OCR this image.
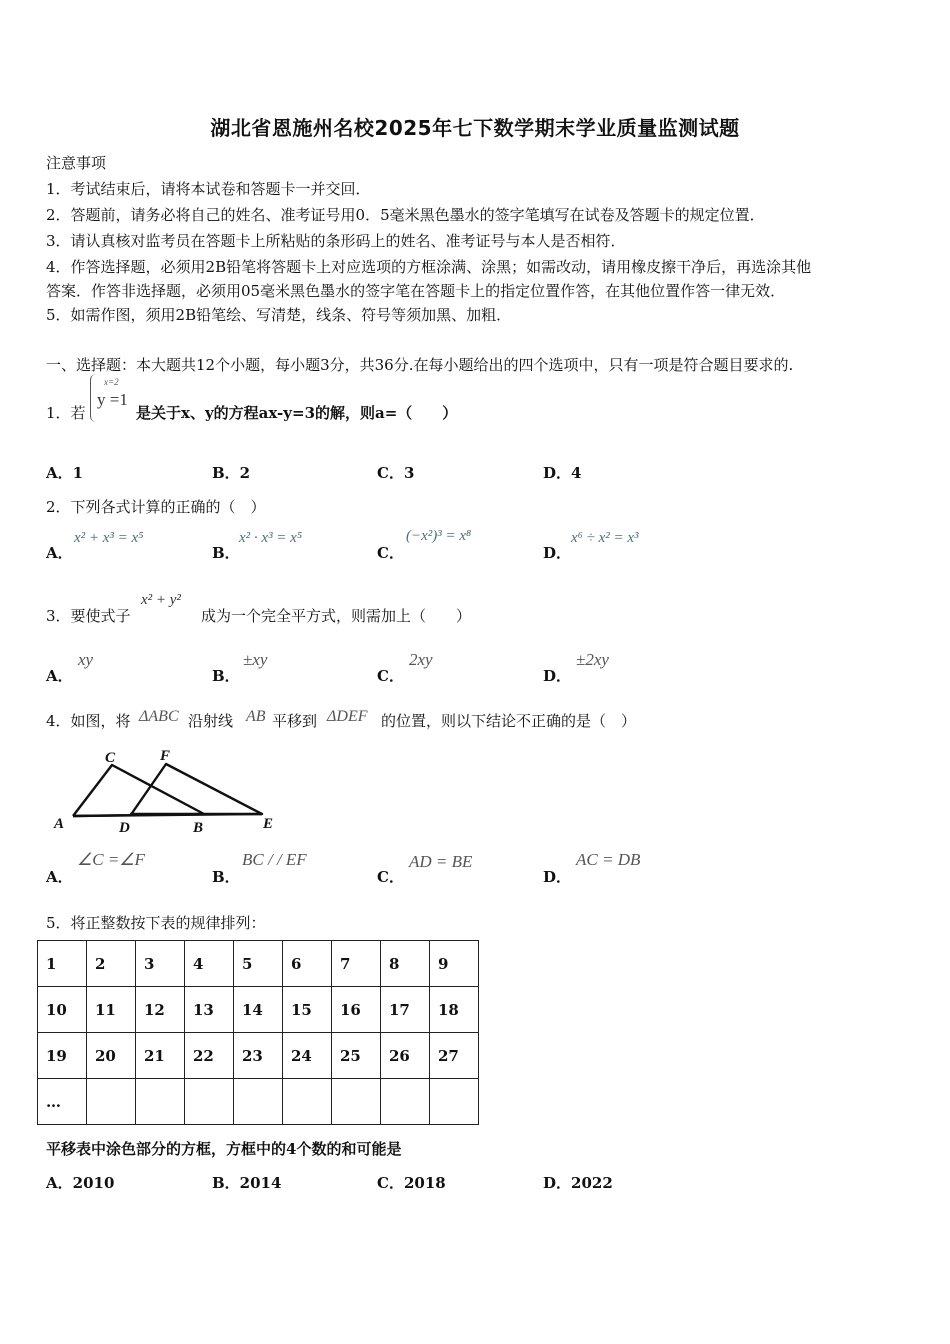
湖北省恩施州名校2025年七下数学期末学业质量监测试题
注意事项
1．考试结束后，请将本试卷和答题卡一并交回．
2．答题前，请务必将自己的姓名、准考证号用0．5毫米黑色墨水的签字笔填写在试卷及答题卡的规定位置．
3．请认真核对监考员在答题卡上所粘贴的条形码上的姓名、准考证号与本人是否相符．
4．作答选择题，必须用2B铅笔将答题卡上对应选项的方框涂满、涂黑；如需改动，请用橡皮擦干净后，再选涂其他
答案．作答非选择题，必须用05毫米黑色墨水的签字笔在答题卡上的指定位置作答，在其他位置作答一律无效．
5．如需作图，须用2B铅笔绘、写清楚，线条、符号等须加黑、加粗．
一、选择题：本大题共12个小题，每小题3分，共36分.在每小题给出的四个选项中，只有一项是符合题目要求的.
1．若
x=2
y =1
是关于x、y的方程ax-y=3的解，则a=（　　）
A．1	B．2	C．3	D．4
2．下列各式计算的正确的（　）
A．
x² + x³ = x⁵
B．
x² · x³ = x⁵
C．
(−x²)³ = x⁸
D．
x⁶ ÷ x² = x³
3．要使式子
x² + y²
成为一个完全平方式，则需加上（　　）
A．
xy
B．
±xy
C．
2xy
D．
±2xy
4．如图，将 ΔABC 沿射线 AB 平移到 ΔDEF 的位置，则以下结论不正确的是（　）
C	F
A	D	B	E
A．
∠C =∠F
B．
BC / / EF
C．
AD = BE
D．
AC = DB
5．将正整数按下表的规律排列：
1	2	3	4	5	6	7	8	9
10	11	12	13	14	15	16	17	18
19	20	21	22	23	24	25	26	27
…								
平移表中涂色部分的方框，方框中的4个数的和可能是
A．2010	B．2014	C．2018	D．2022
